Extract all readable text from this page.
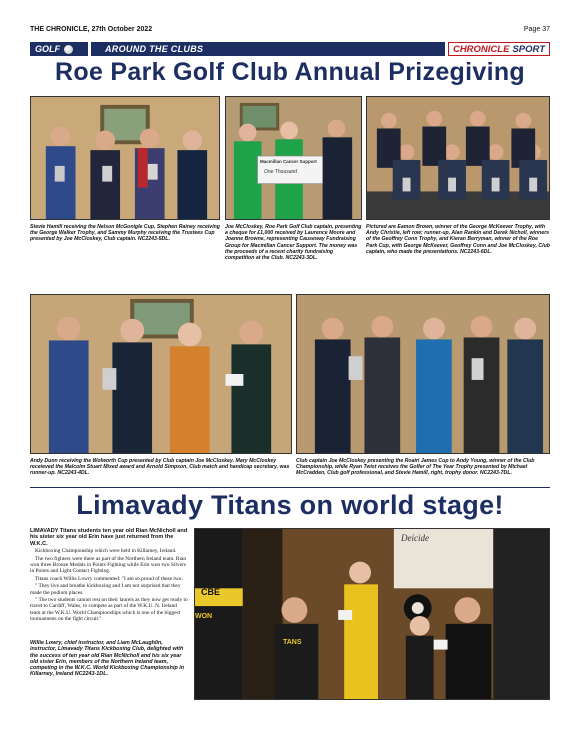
THE CHRONICLE, 27th October 2022	Page 37
GOLF	AROUND THE CLUBS	CHRONICLE SPORT
Roe Park Golf Club Annual Prizegiving
Macmillan Cancer Support
One Thousand
Stevie Hamill receiving the Nelson McGonigle Cup, Stephen Rainey receiving the George Walker Trophy, and Sammy Murphy receiving the Trustees Cup presented by Joe McCloskey, Club captain. NC2243-5DL.
Joe McCloskey, Roe Park Golf Club captain, presenting a cheque for £1,000 received by Laurence Moore and Joanne Browne, representing Causeway Fundraising Group for Macmillan Cancer Support. The money was the proceeds of a recent charity fundraising competition at the Club. NC2243-3DL.
Pictured are Eamon Brown, winner of the George McKeever Trophy, with Andy Christie, left row; runner-up, Alan Rankin and Derek Nicholl, winners of the Geoffrey Conn Trophy, and Kieran Berryman, winner of the Roe Park Cup, with George McKeever, Geoffrey Conn and Joe McCloskey, Club captain, who made the presentations. NC2243-6DL.
Andy Dunn receiving the Wolworth Cup presented by Club captain Joe McCloskey. Mary McCloskey receieved the Malcolm Stuart Mixed award and Arnold Simpson, Club match and handicap secretary, was runner-up. NC2243-4DL.
Club captain Joe McCloskey presenting the Roairi James Cup to Andy Young, winner of the Club Championship, while Ryan Twist receives the Golfer of The Year Trophy presented by Michael McCradden, Club golf professional, and Stevie Hamill, right, trophy donor. NC2243-7DL.
Limavady Titans on world stage!

LIMAVADY Titans students ten year old Rian McNicholl and his sister six year old Erin have just returned from the W.K.C.

Kickboxing Championship which were held in Killarney, Ireland.

The two fighters were there as part of the Northern Ireland team. Rian won three Bronze Medals in Points Fighting while Erin won two Silvers in Points and Light Contact Fighting.

Titans coach Willie Lowry commented: "I am so proud of these two.

" They live and breathe kickboxing and I am not surprised that they made the podium places.

" The two students cannot rest on their laurels as they now get ready to travel to Cardiff, Wales, to compete as part of the W.K.U. N. Ireland team at the W.K.U. World Championships which is one of the biggest tournaments on the fight circuit."

Willie Lowry, chief instructor, and Liam McLaughlin, instructor, Limavady Titans Kickboxing Club, delighted with the success of ten year old Rian McNicholl and his six year old sister Erin, members of the Northern Ireland team, competing in the W.K.C. World Kickboxing Championship in Killarney, Ireland NC2243-1DL.
Deicide
CBE
WON
TANS
